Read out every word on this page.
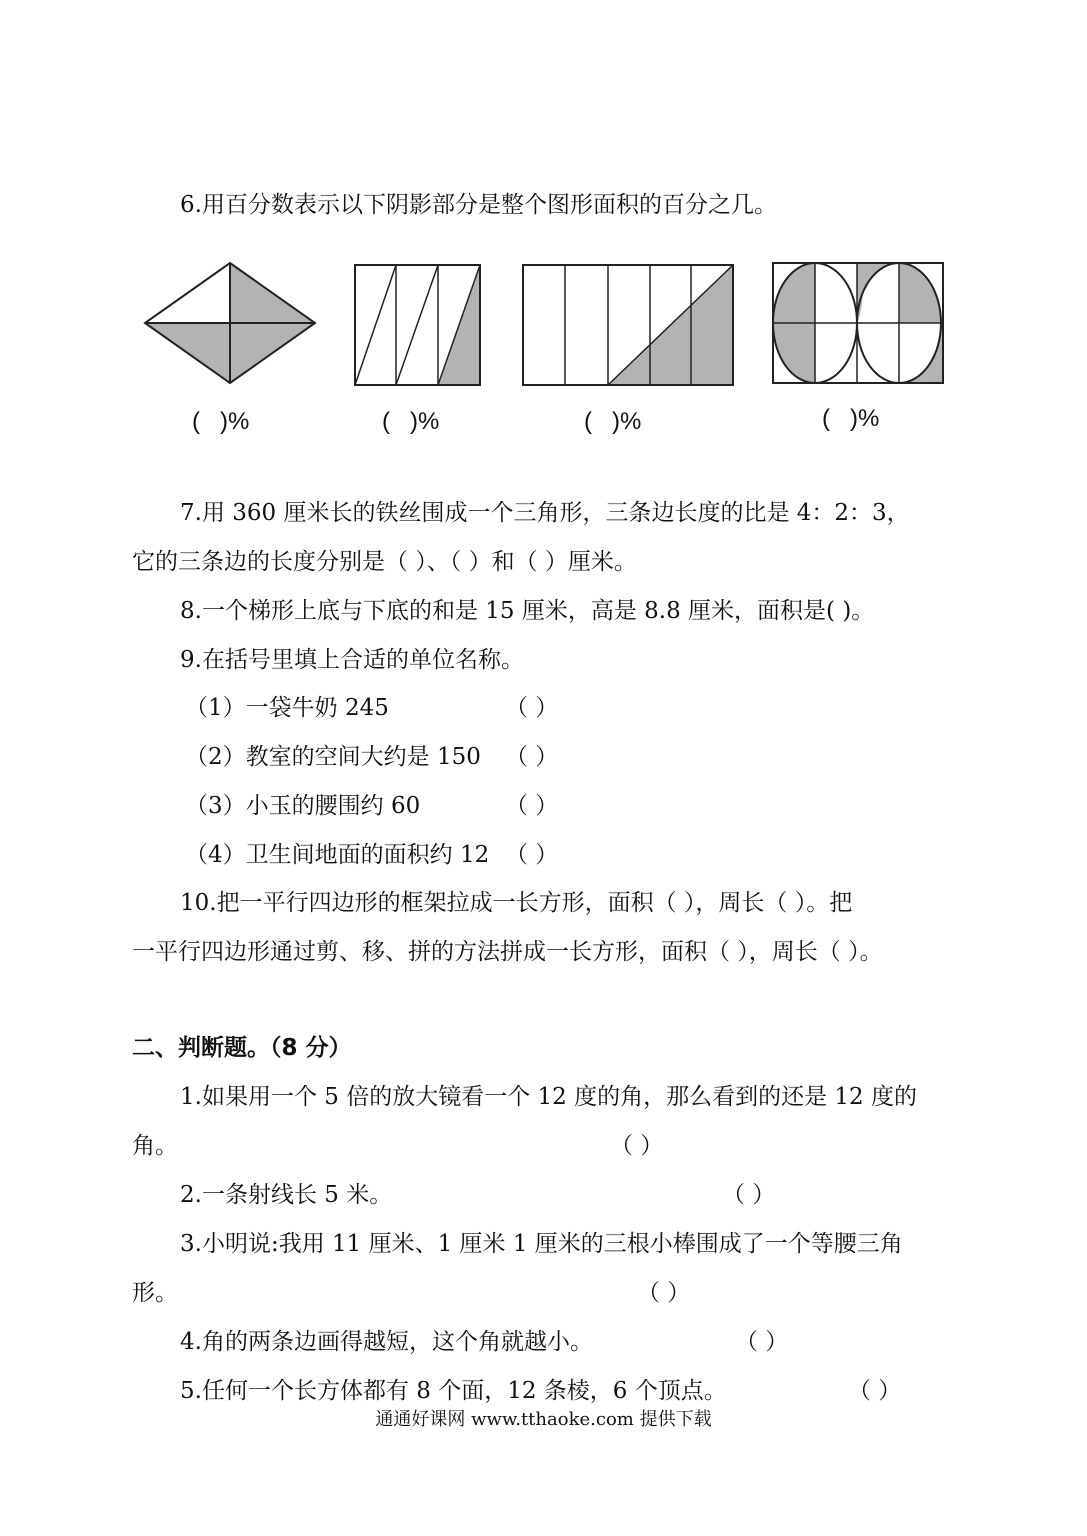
6.用百分数表示以下阴影部分是整个图形面积的百分之几。
(   )%	(   )%	(   )%	(   )%
7.用 360 厘米长的铁丝围成一个三角形，三条边长度的比是 4：2：3，
它的三条边的长度分别是（ ）、（ ）和（ ）厘米。
8.一个梯形上底与下底的和是 15 厘米，高是 8.8 厘米，面积是( )。
9.在括号里填上合适的单位名称。
（1）一袋牛奶 245	（ ）
（2）教室的空间大约是 150 （ ）
（3）小玉的腰围约 60	（ ）
（4）卫生间地面的面积约 12 （ ）
10.把一平行四边形的框架拉成一长方形，面积（ ），周长（ ）。把
一平行四边形通过剪、移、拼的方法拼成一长方形，面积（ ），周长（ ）。
二、判断题。（8 分）
1.如果用一个 5 倍的放大镜看一个 12 度的角，那么看到的还是 12 度的
角。	（ ）
2.一条射线长 5 米。	（ ）
3.小明说:我用 11 厘米、1 厘米 1 厘米的三根小棒围成了一个等腰三角
形。	（ ）
4.角的两条边画得越短，这个角就越小。	（ ）
5.任何一个长方体都有 8 个面，12 条棱，6 个顶点。	（ ）
通通好课网 www.tthaoke.com 提供下载
